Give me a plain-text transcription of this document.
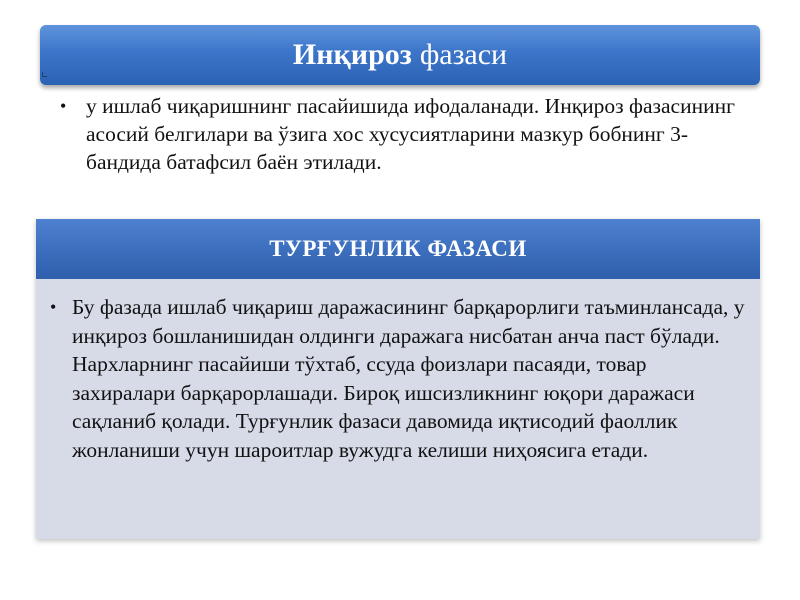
Инқироз фазаси
• у ишлаб чиқаришнинг пасайишида ифодаланади. Инқироз фазасининг асосий белгилари ва ўзига хос хусусиятларини мазкур бобнинг 3-бандида батафсил баён этилади.
ТУРҒУНЛИК ФАЗАСИ
• Бу фазада ишлаб чиқариш даражасининг барқарорлиги таъминлансада, у инқироз бошланишидан олдинги даражага нисбатан анча паст бўлади. Нархларнинг пасайиши тўхтаб, ссуда фоизлари пасаяди, товар захиралари барқарорлашади. Бироқ ишсизликнинг юқори даражаси сақланиб қолади. Турғунлик фазаси давомида иқтисодий фаоллик жонланиши учун шароитлар вужудга келиши ниҳоясига етади.
